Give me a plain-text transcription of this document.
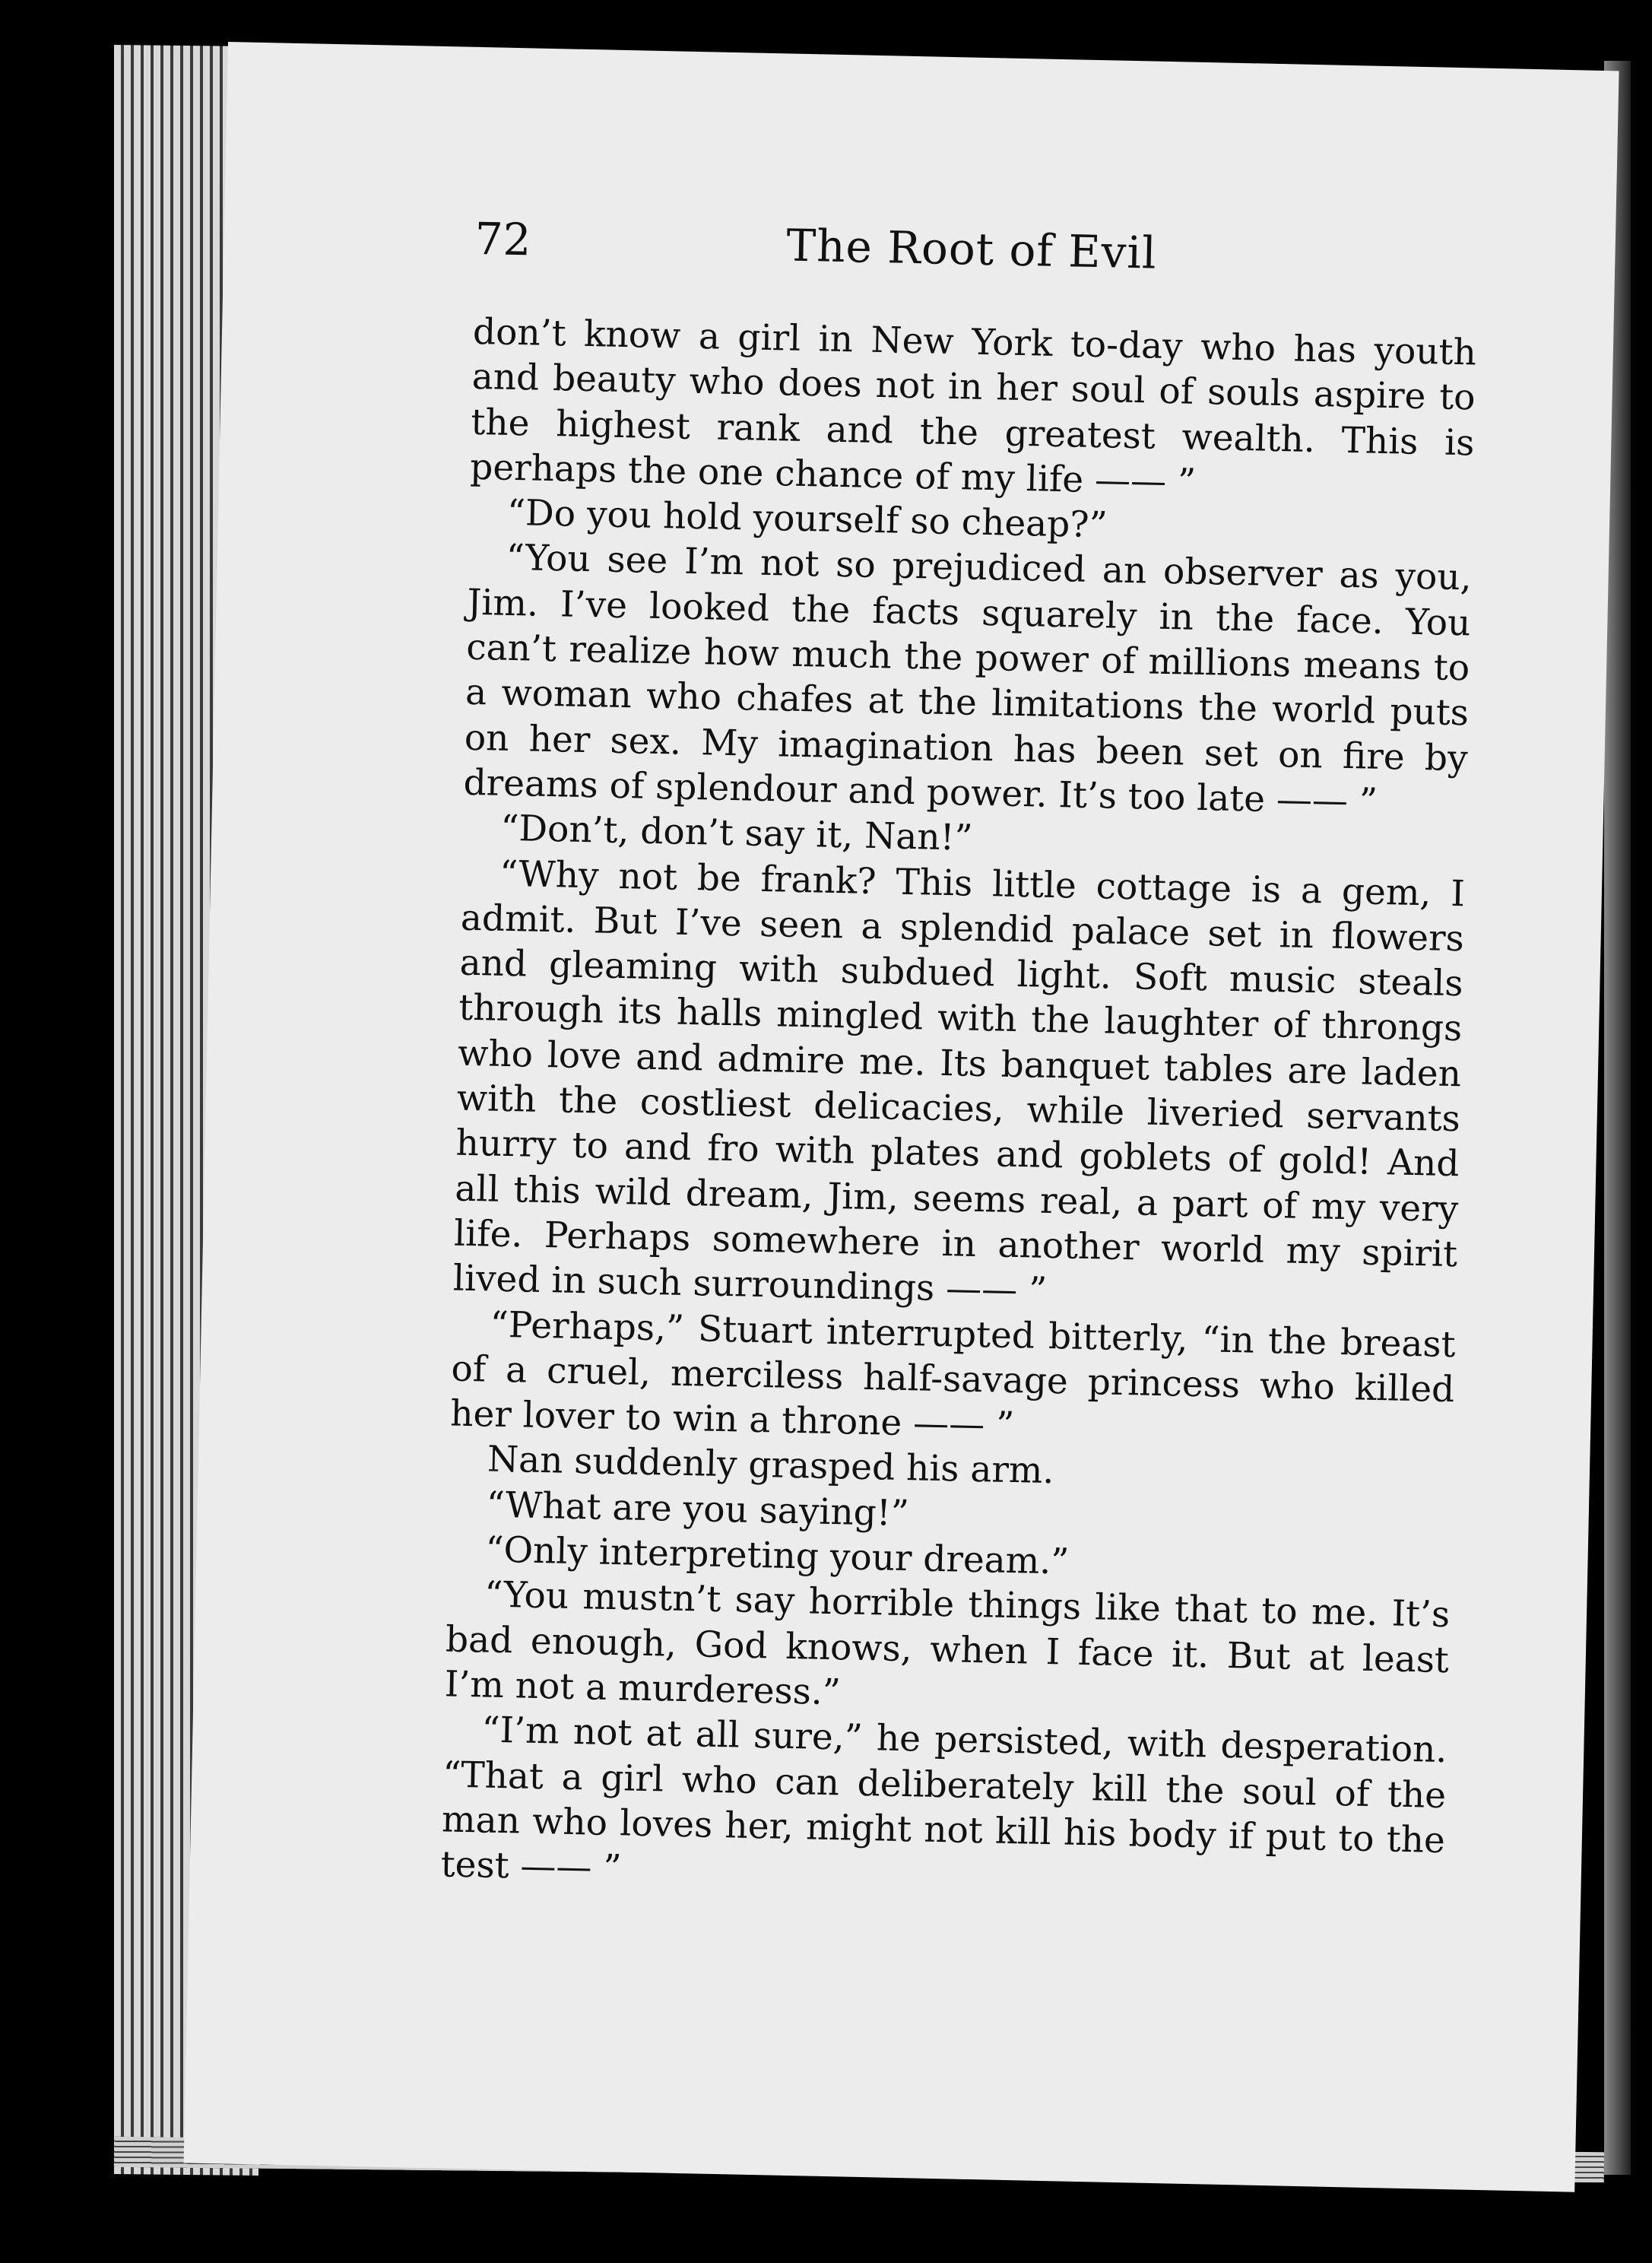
72	The Root of Evil

don’t know a girl in New York to-day who has youth and beauty who does not in her soul of souls aspire to the highest rank and the greatest wealth. This is perhaps the one chance of my life —— ”

“Do you hold yourself so cheap?”

“You see I’m not so prejudiced an observer as you, Jim. I’ve looked the facts squarely in the face. You can’t realize how much the power of millions means to a woman who chafes at the limitations the world puts on her sex. My imagination has been set on fire by dreams of splendour and power. It’s too late —— ”

“Don’t, don’t say it, Nan!”

“Why not be frank? This little cottage is a gem, I admit. But I’ve seen a splendid palace set in flowers and gleaming with subdued light. Soft music steals through its halls mingled with the laughter of throngs who love and admire me. Its banquet tables are laden with the costliest delicacies, while liveried servants hurry to and fro with plates and goblets of gold! And all this wild dream, Jim, seems real, a part of my very life. Perhaps somewhere in another world my spirit lived in such surroundings —— ”

“Perhaps,” Stuart interrupted bitterly, “in the breast of a cruel, merciless half-savage princess who killed her lover to win a throne —— ”

Nan suddenly grasped his arm.

“What are you saying!”

“Only interpreting your dream.”

“You mustn’t say horrible things like that to me. It’s bad enough, God knows, when I face it. But at least I’m not a murderess.”

“I’m not at all sure,” he persisted, with desperation. “That a girl who can deliberately kill the soul of the man who loves her, might not kill his body if put to the test —— ”
